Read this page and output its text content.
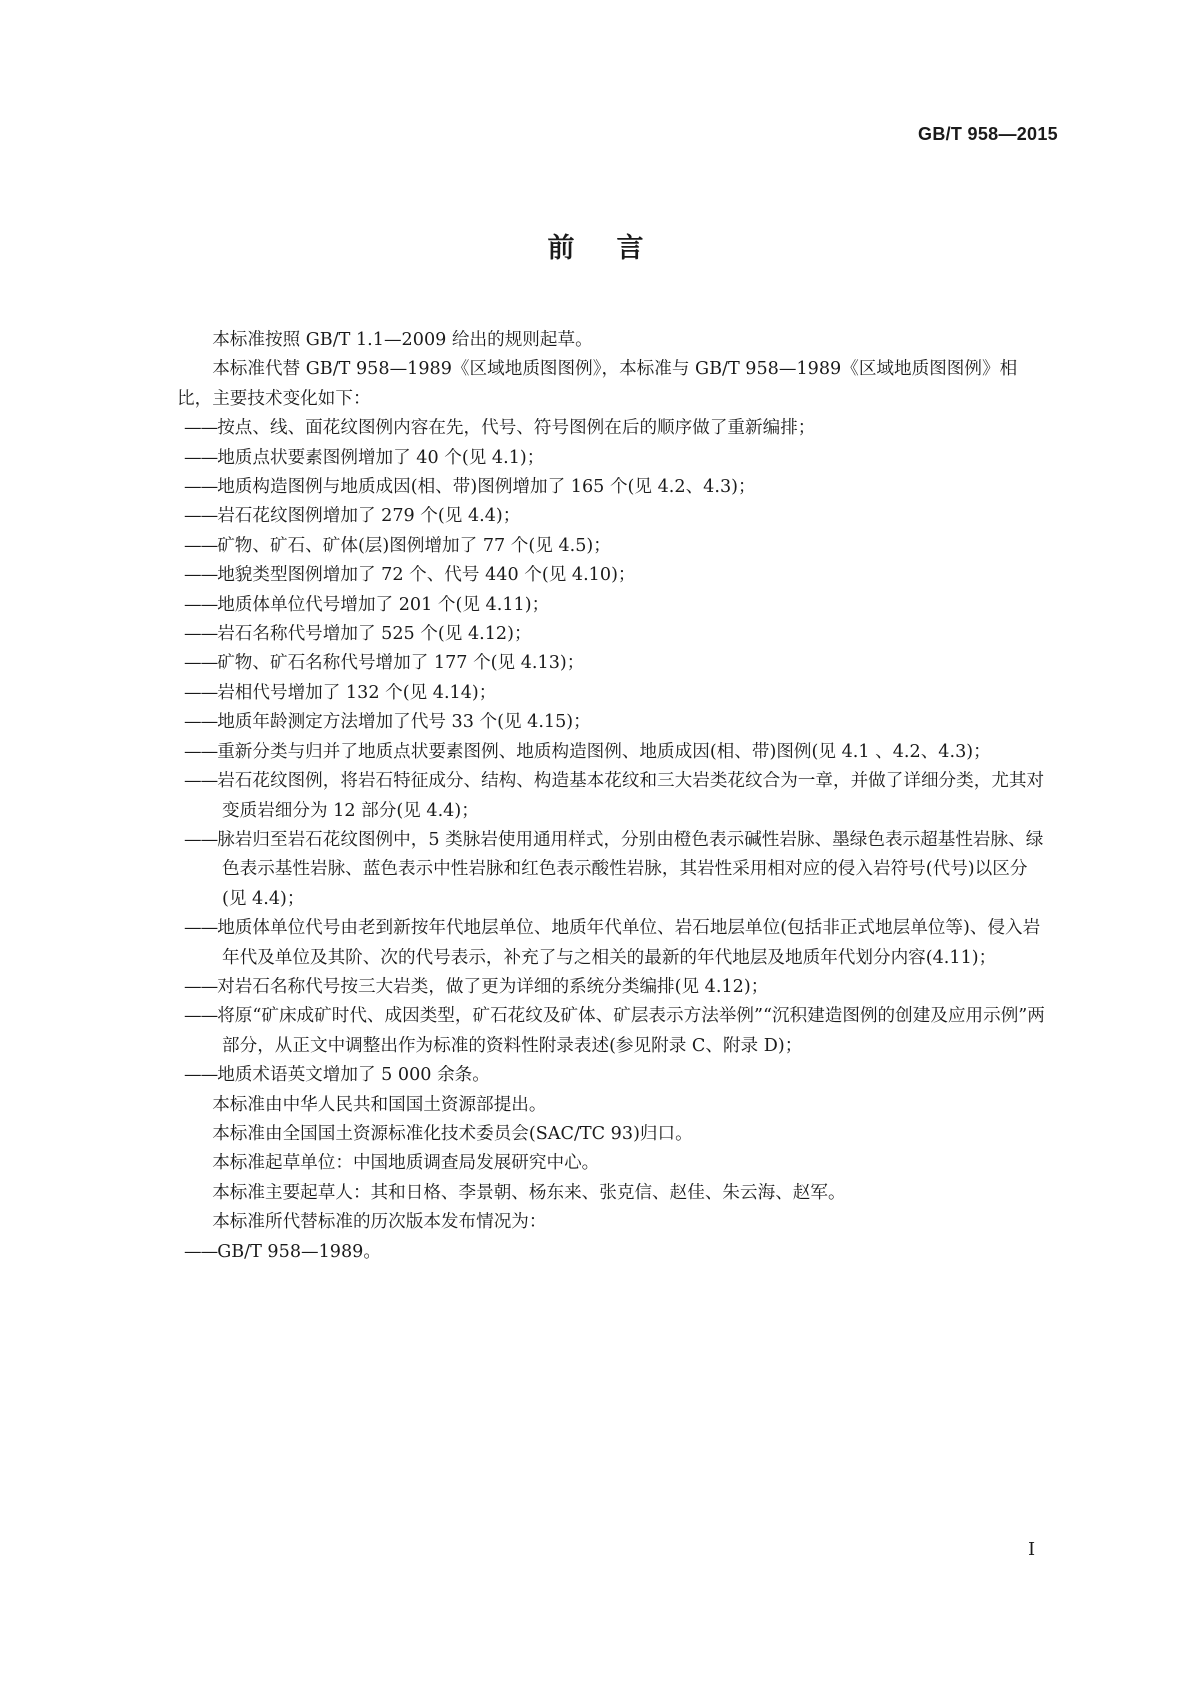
GB/T 958—2015
前言

本标准按照 GB/T 1.1—2009 给出的规则起草。

本标准代替 GB/T 958—1989《区域地质图图例》，本标准与 GB/T 958—1989《区域地质图图例》相比，主要技术变化如下：

——按点、线、面花纹图例内容在先，代号、符号图例在后的顺序做了重新编排；

——地质点状要素图例增加了 40 个(见 4.1)；

——地质构造图例与地质成因(相、带)图例增加了 165 个(见 4.2、4.3)；

——岩石花纹图例增加了 279 个(见 4.4)；

——矿物、矿石、矿体(层)图例增加了 77 个(见 4.5)；

——地貌类型图例增加了 72 个、代号 440 个(见 4.10)；

——地质体单位代号增加了 201 个(见 4.11)；

——岩石名称代号增加了 525 个(见 4.12)；

——矿物、矿石名称代号增加了 177 个(见 4.13)；

——岩相代号增加了 132 个(见 4.14)；

——地质年龄测定方法增加了代号 33 个(见 4.15)；

——重新分类与归并了地质点状要素图例、地质构造图例、地质成因(相、带)图例(见 4.1 、4.2、4.3)；

——岩石花纹图例，将岩石特征成分、结构、构造基本花纹和三大岩类花纹合为一章，并做了详细分类，尤其对变质岩细分为 12 部分(见 4.4)；

——脉岩归至岩石花纹图例中，5 类脉岩使用通用样式，分别由橙色表示碱性岩脉、墨绿色表示超基性岩脉、绿色表示基性岩脉、蓝色表示中性岩脉和红色表示酸性岩脉，其岩性采用相对应的侵入岩符号(代号)以区分(见 4.4)；

——地质体单位代号由老到新按年代地层单位、地质年代单位、岩石地层单位(包括非正式地层单位等)、侵入岩年代及单位及其阶、次的代号表示，补充了与之相关的最新的年代地层及地质年代划分内容(4.11)；

——对岩石名称代号按三大岩类，做了更为详细的系统分类编排(见 4.12)；

——将原“矿床成矿时代、成因类型，矿石花纹及矿体、矿层表示方法举例”“沉积建造图例的创建及应用示例”两部分，从正文中调整出作为标准的资料性附录表述(参见附录 C、附录 D)；

——地质术语英文增加了 5 000 余条。

本标准由中华人民共和国国土资源部提出。

本标准由全国国土资源标准化技术委员会(SAC/TC 93)归口。

本标准起草单位：中国地质调查局发展研究中心。

本标准主要起草人：其和日格、李景朝、杨东来、张克信、赵佳、朱云海、赵军。

本标准所代替标准的历次版本发布情况为：

——GB/T 958—1989。

I
